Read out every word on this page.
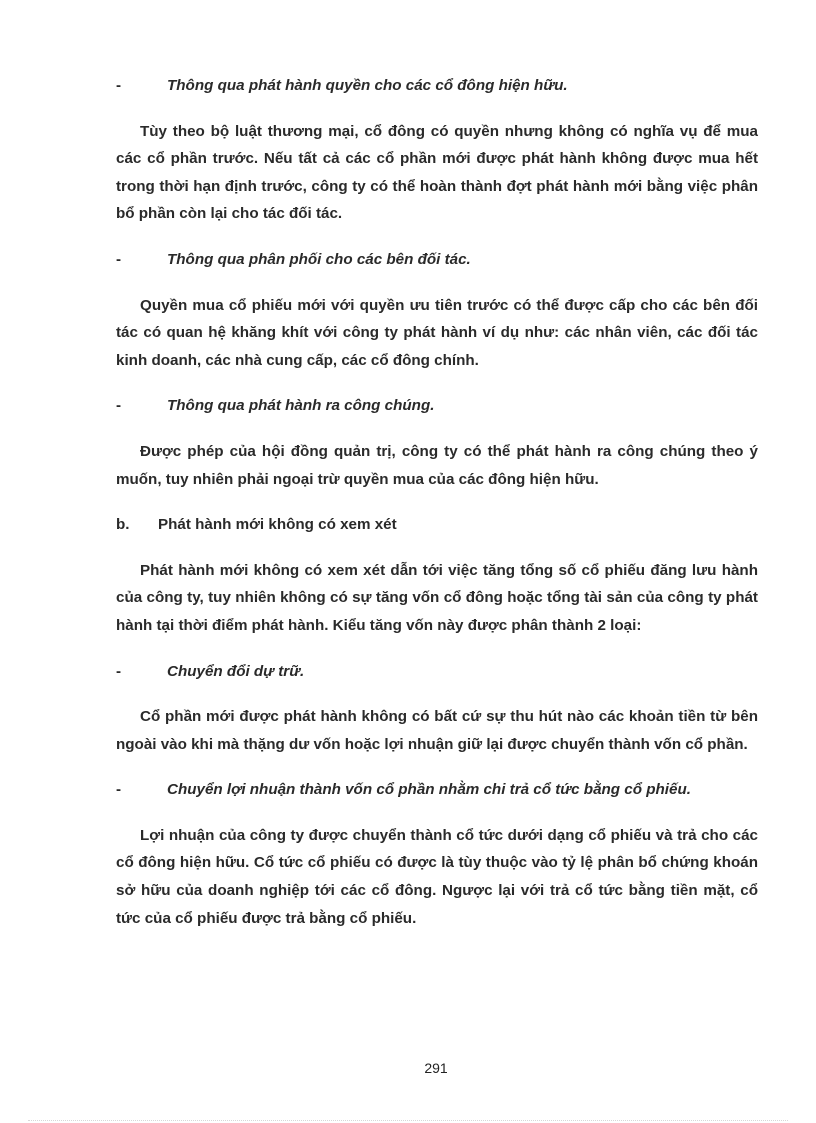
-	Thông qua phát hành quyền cho các cổ đông hiện hữu.

Tùy theo bộ luật thương mại, cổ đông có quyền nhưng không có nghĩa vụ để mua các cổ phần trước. Nếu tất cả các cổ phần mới được phát hành không được mua hết trong thời hạn định trước, công ty có thể hoàn thành đợt phát hành mới bằng việc phân bổ phần còn lại cho tác đối tác.

-	Thông qua phân phối cho các bên đối tác.

Quyền mua cổ phiếu mới với quyền ưu tiên trước có thể được cấp cho các bên đối tác có quan hệ khăng khít với công ty phát hành ví dụ như: các nhân viên, các đối tác kinh doanh, các nhà cung cấp, các cổ đông chính.

-	Thông qua phát hành ra công chúng.

Được phép của hội đồng quản trị, công ty có thể phát hành ra công chúng theo ý muốn, tuy nhiên phải ngoại trừ quyền mua của các đông hiện hữu.

b.	Phát hành mới không có xem xét

Phát hành mới không có xem xét dẫn tới việc tăng tổng số cổ phiếu đăng lưu hành của công ty, tuy nhiên không có sự tăng vốn cổ đông hoặc tổng tài sản của công ty phát hành tại thời điểm phát hành. Kiểu tăng vốn này được phân thành 2 loại:

-	Chuyển đổi dự trữ.

Cổ phần mới được phát hành không có bất cứ sự thu hút nào các khoản tiền từ bên ngoài vào khi mà thặng dư vốn hoặc lợi nhuận giữ lại được chuyển thành vốn cổ phần.

-	Chuyển lợi nhuận thành vốn cổ phần nhằm chi trả cổ tức bằng cổ phiếu.

Lợi nhuận của công ty được chuyển thành cổ tức dưới dạng cổ phiếu và trả cho các cổ đông hiện hữu. Cổ tức cổ phiếu có được là tùy thuộc vào tỷ lệ phân bổ chứng khoán sở hữu của doanh nghiệp tới các cổ đông. Ngược lại với trả cổ tức bằng tiền mặt, cổ tức của cổ phiếu được trả bằng cổ phiếu.

291
